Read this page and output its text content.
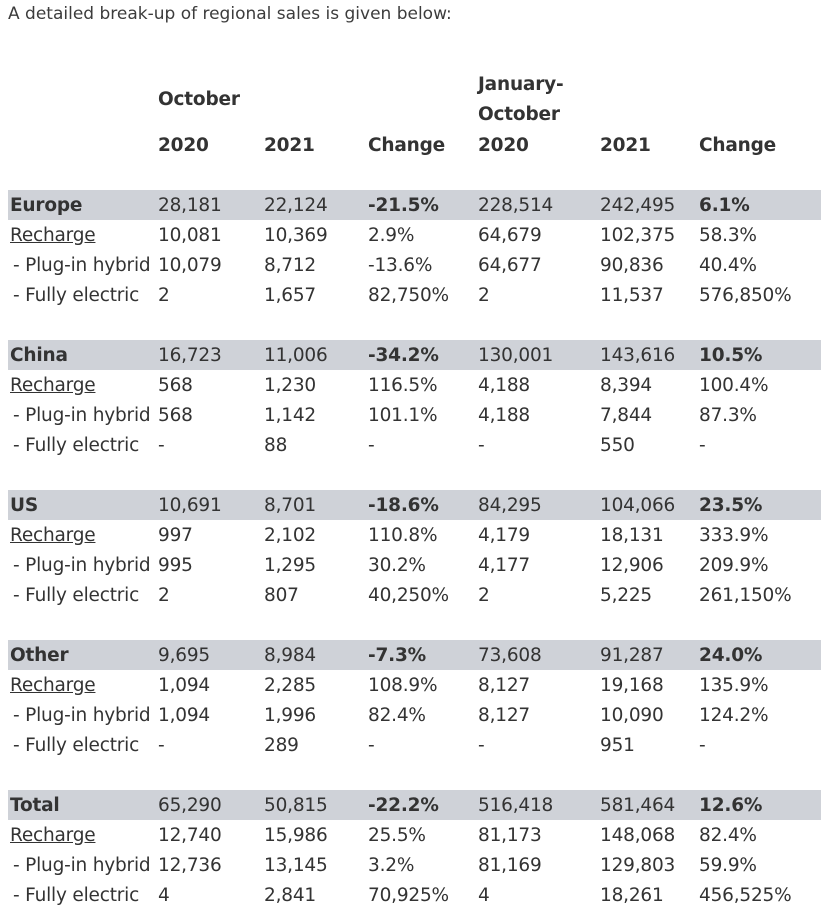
A detailed break-up of regional sales is given below:

	October			January-
October		
	2020	2021	Change	2020	2021	Change

Europe	28,181	22,124	-21.5%	228,514	242,495	6.1%
Recharge	10,081	10,369	2.9%	64,679	102,375	58.3%
- Plug-in hybrid	10,079	8,712	-13.6%	64,677	90,836	40.4%
- Fully electric	2	1,657	82,750%	2	11,537	576,850%

China	16,723	11,006	-34.2%	130,001	143,616	10.5%
Recharge	568	1,230	116.5%	4,188	8,394	100.4%
- Plug-in hybrid	568	1,142	101.1%	4,188	7,844	87.3%
- Fully electric	-	88	-	-	550	-

US	10,691	8,701	-18.6%	84,295	104,066	23.5%
Recharge	997	2,102	110.8%	4,179	18,131	333.9%
- Plug-in hybrid	995	1,295	30.2%	4,177	12,906	209.9%
- Fully electric	2	807	40,250%	2	5,225	261,150%

Other	9,695	8,984	-7.3%	73,608	91,287	24.0%
Recharge	1,094	2,285	108.9%	8,127	19,168	135.9%
- Plug-in hybrid	1,094	1,996	82.4%	8,127	10,090	124.2%
- Fully electric	-	289	-	-	951	-

Total	65,290	50,815	-22.2%	516,418	581,464	12.6%
Recharge	12,740	15,986	25.5%	81,173	148,068	82.4%
- Plug-in hybrid	12,736	13,145	3.2%	81,169	129,803	59.9%
- Fully electric	4	2,841	70,925%	4	18,261	456,525%
